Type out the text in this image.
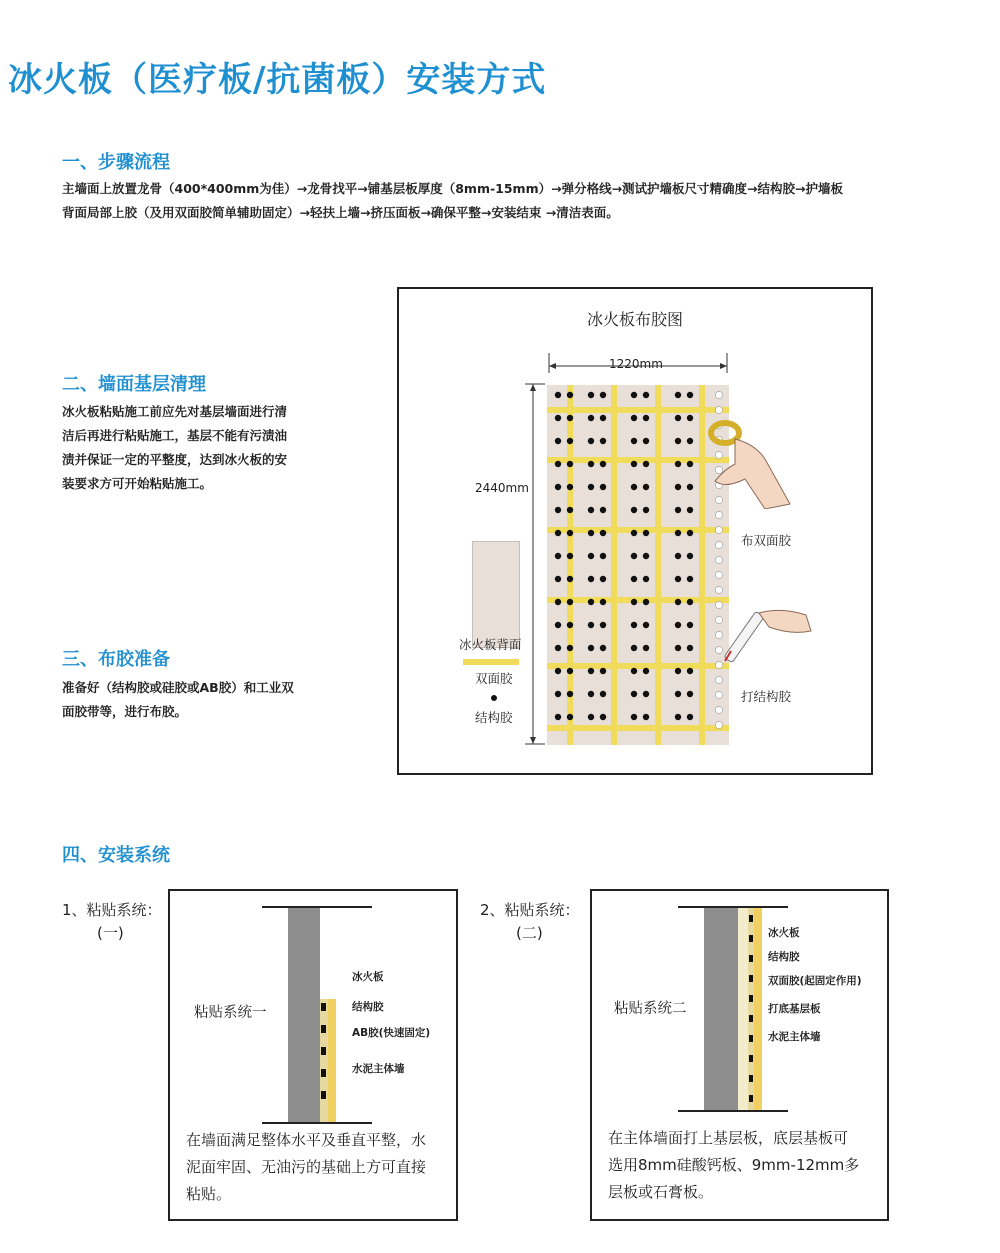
冰火板（医疗板/抗菌板）安装方式
一、步骤流程
主墙面上放置龙骨（400*400mm为佳）→龙骨找平→铺基层板厚度（8mm-15mm）→弹分格线→测试护墙板尺寸精确度→结构胶→护墙板
背面局部上胶（及用双面胶简单辅助固定）→轻扶上墙→挤压面板→确保平整→安装结束 →清洁表面。
二、墙面基层清理
冰火板粘贴施工前应先对基层墙面进行清
洁后再进行粘贴施工，基层不能有污渍油
渍并保证一定的平整度，达到冰火板的安
装要求方可开始粘贴施工。
三、布胶准备
准备好（结构胶或硅胶或AB胶）和工业双
面胶带等，进行布胶。
冰火板布胶图
1220mm
2440mm
布双面胶
打结构胶
冰火板背面
双面胶
结构胶
四、安装系统
1、粘贴系统：
(一)
粘贴系统一
冰火板
结构胶
AB胶(快速固定)
水泥主体墙
在墙面满足整体水平及垂直平整，水
泥面牢固、无油污的基础上方可直接
粘贴。
2、粘贴系统：
(二)
粘贴系统二
冰火板
结构胶
双面胶(起固定作用)
打底基层板
水泥主体墙
在主体墙面打上基层板，底层基板可
选用8mm硅酸钙板、9mm-12mm多
层板或石膏板。
